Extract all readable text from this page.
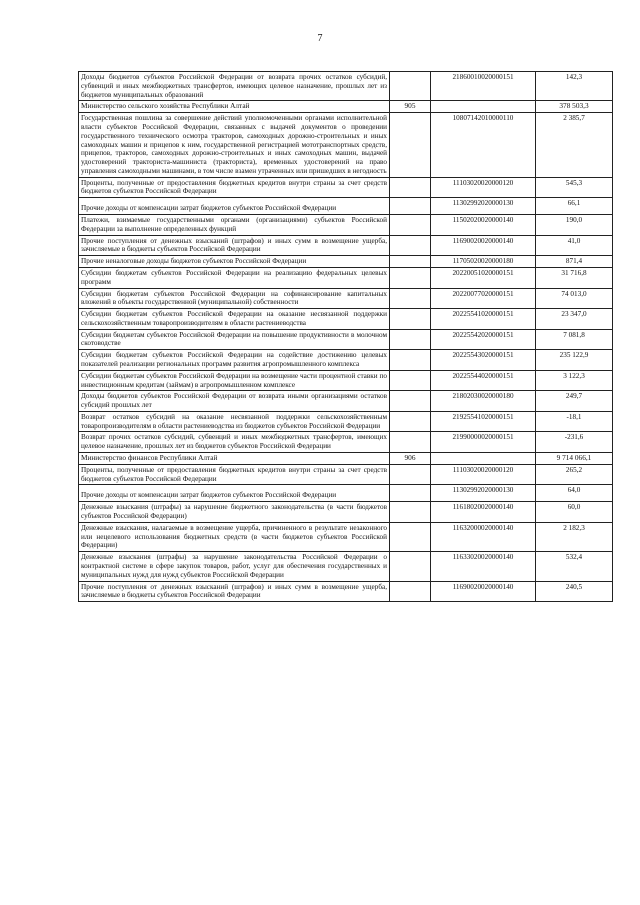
7
Доходы бюджетов субъектов Российской Федерации от возврата прочих остатков субсидий, субвенций и иных межбюджетных трансфертов, имеющих целевое назначение, прошлых лет из бюджетов муниципальных образований		21860010020000151	142,3
Министерство сельского хозяйства Республики Алтай	905		378 503,3
Государственная пошлина за совершение действий уполномоченными органами исполнительной власти субъектов Российской Федерации, связанных с выдачей документов о проведении государственного технического осмотра тракторов, самоходных дорожно-строительных и иных самоходных машин и прицепов к ним, государственной регистрацией мототранспортных средств, прицепов, тракторов, самоходных дорожно-строительных и иных самоходных машин, выдачей удостоверений тракториста-машиниста (тракториста), временных удостоверений на право управления самоходными машинами, в том числе взамен утраченных или пришедших в негодность		10807142010000110	2 385,7
Проценты, полученные от предоставления бюджетных кредитов внутри страны за счет средств бюджетов субъектов Российской Федерации		11103020020000120	545,3
Прочие доходы от компенсации затрат бюджетов субъектов Российской Федерации		11302992020000130	66,1
Платежи, взимаемые государственными органами (организациями) субъектов Российской Федерации за выполнение определенных функций		11502020020000140	190,0
Прочие поступления от денежных взысканий (штрафов) и иных сумм в возмещение ущерба, зачисляемые в бюджеты субъектов Российской Федерации		11690020020000140	41,0
Прочие неналоговые доходы бюджетов субъектов Российской Федерации		11705020020000180	871,4
Субсидии бюджетам субъектов Российской Федерации на реализацию федеральных целевых программ		20220051020000151	31 716,8
Субсидии бюджетам субъектов Российской Федерации на софинансирование капитальных вложений в объекты государственной (муниципальной) собственности		20220077020000151	74 013,0
Субсидии бюджетам субъектов Российской Федерации на оказание несвязанной поддержки сельскохозяйственным товаропроизводителям в области растениеводства		20225541020000151	23 347,0
Субсидии бюджетам субъектов Российской Федерации на повышение продуктивности в молочном скотоводстве		20225542020000151	7 081,8
Субсидии бюджетам субъектов Российской Федерации на содействие достижению целевых показателей реализации региональных программ развития агропромышленного комплекса		20225543020000151	235 122,9
Субсидии бюджетам субъектов Российской Федерации на возмещение части процентной ставки по инвестиционным кредитам (займам) в агропромышленном комплексе		20225544020000151	3 122,3
Доходы бюджетов субъектов Российской Федерации от возврата иными организациями остатков субсидий прошлых лет		21802030020000180	249,7
Возврат остатков субсидий на оказание несвязанной поддержки сельскохозяйственным товаропроизводителям в области растениеводства из бюджетов субъектов Российской Федерации		21925541020000151	-18,1
Возврат прочих остатков субсидий, субвенций и иных межбюджетных трансфертов, имеющих целевое назначение, прошлых лет из бюджетов субъектов Российской Федерации		21990000020000151	-231,6
Министерство финансов Республики Алтай	906		9 714 066,1
Проценты, полученные от предоставления бюджетных кредитов внутри страны за счет средств бюджетов субъектов Российской Федерации		11103020020000120	265,2
Прочие доходы от компенсации затрат бюджетов субъектов Российской Федерации		11302992020000130	64,0
Денежные взыскания (штрафы) за нарушение бюджетного законодательства (в части бюджетов субъектов Российской Федерации)		11618020020000140	60,0
Денежные взыскания, налагаемые в возмещение ущерба, причиненного в результате незаконного или нецелевого использования бюджетных средств (в части бюджетов субъектов Российской Федерации)		11632000020000140	2 182,3
Денежные взыскания (штрафы) за нарушение законодательства Российской Федерации о контрактной системе в сфере закупок товаров, работ, услуг для обеспечения государственных и муниципальных нужд для нужд субъектов Российской Федерации		11633020020000140	532,4
Прочие поступления от денежных взысканий (штрафов) и иных сумм в возмещение ущерба, зачисляемые в бюджеты субъектов Российской Федерации		11690020020000140	240,5
